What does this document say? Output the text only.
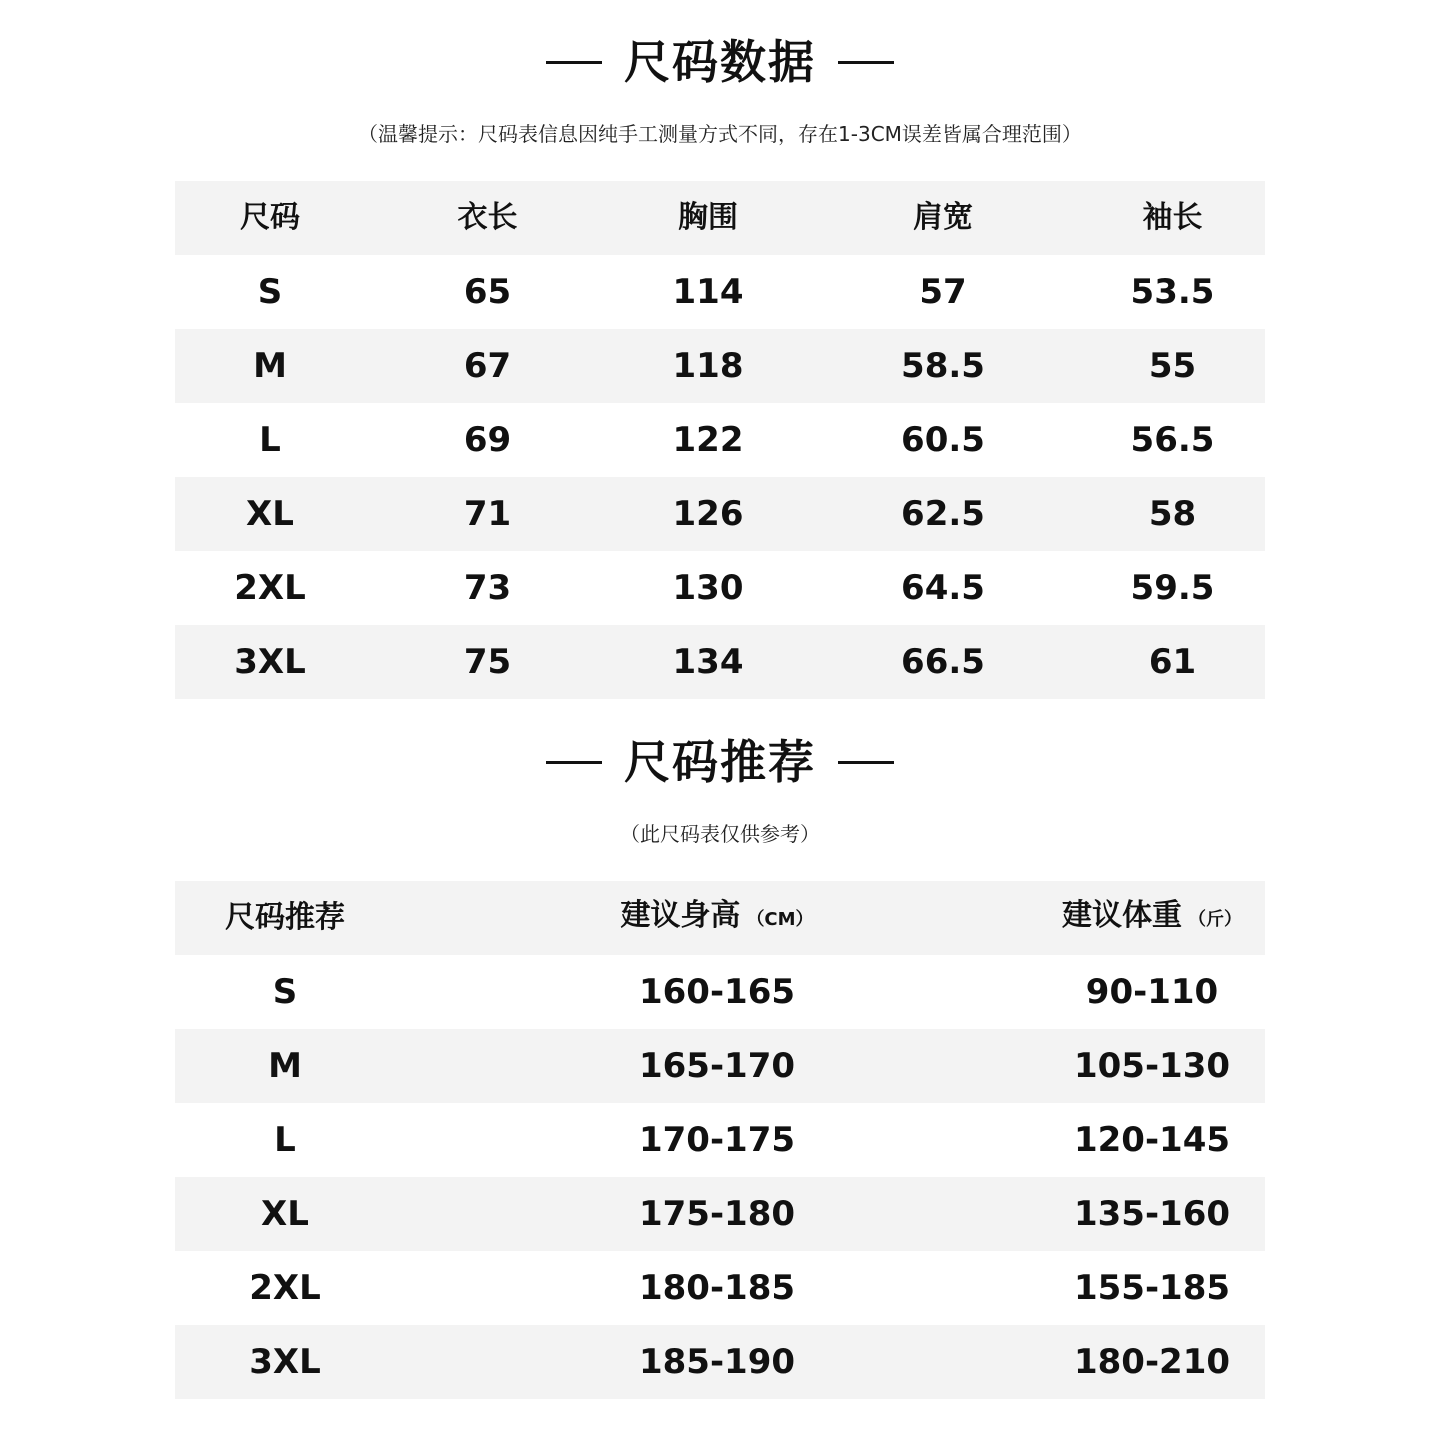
尺码数据
（温馨提示：尺码表信息因纯手工测量方式不同，存在1-3CM误差皆属合理范围）
尺码	衣长	胸围	肩宽	袖长
S	65	114	57	53.5
M	67	118	58.5	55
L	69	122	60.5	56.5
XL	71	126	62.5	58
2XL	73	130	64.5	59.5
3XL	75	134	66.5	61
尺码推荐
（此尺码表仅供参考）
尺码推荐	建议身高 （CM）	建议体重 （斤）
S	160-165	90-110
M	165-170	105-130
L	170-175	120-145
XL	175-180	135-160
2XL	180-185	155-185
3XL	185-190	180-210
